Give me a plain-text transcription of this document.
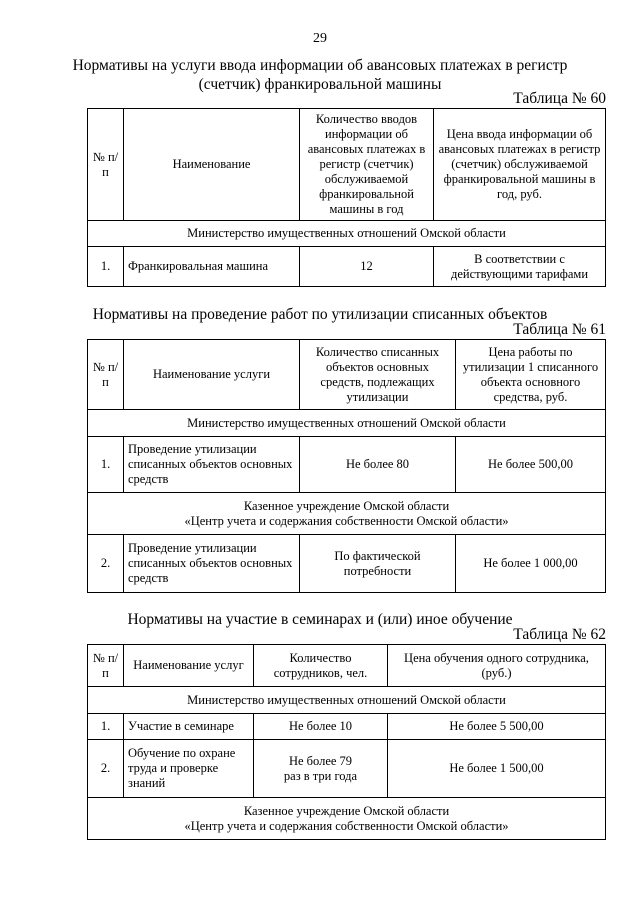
29
Нормативы на услуги ввода информации об авансовых платежах в регистр
(счетчик) франкировальной машины
Таблица № 60
№ п/п	Наименование	Количество вводов информации об авансовых платежах в регистр (счетчик) обслуживаемой франкировальной машины в год	Цена ввода информации об авансовых платежах в регистр (счетчик) обслуживаемой франкировальной машины в год, руб.
Министерство имущественных отношений Омской области			
1.	Франкировальная машина	12	В соответствии с действующими тарифами
Нормативы на проведение работ по утилизации списанных объектов
Таблица № 61
№ п/п	Наименование услуги	Количество списанных объектов основных средств, подлежащих утилизации	Цена работы по утилизации 1 списанного объекта основного средства, руб.
Министерство имущественных отношений Омской области			
1.	Проведение утилизации списанных объектов основных средств	Не более 80	Не более 500,00

Казенное учреждение Омской области
«Центр учета и содержания собственности Омской области»			

2.	Проведение утилизации списанных объектов основных средств	По фактической потребности	Не более 1 000,00
Нормативы на участие в семинарах и (или) иное обучение
Таблица № 62
№ п/п	Наименование услуг	Количество сотрудников, чел.	Цена обучения одного сотрудника, (руб.)
Министерство имущественных отношений Омской области			
1.	Участие в семинаре	Не более 10	Не более 5 500,00
2.	Обучение по охране труда и проверке знаний	Не более 79 раз в три года	Не более 1 500,00

Казенное учреждение Омской области
«Центр учета и содержания собственности Омской области»			
